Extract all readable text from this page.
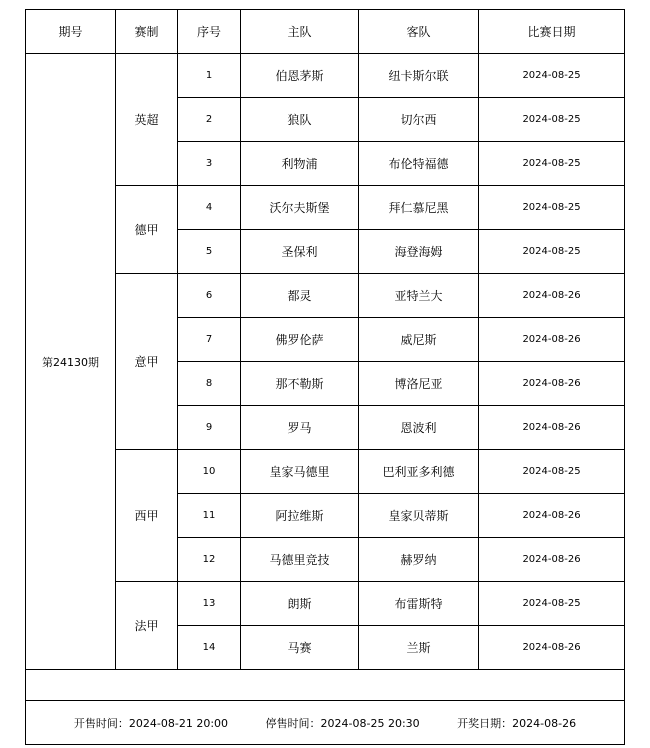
期号	赛制	序号	主队	客队	比赛日期
第24130期	英超	1	伯恩茅斯	纽卡斯尔联	2024-08-25
		2	狼队	切尔西	2024-08-25
		3	利物浦	布伦特福德	2024-08-25
	德甲	4	沃尔夫斯堡	拜仁慕尼黑	2024-08-25
		5	圣保利	海登海姆	2024-08-25
	意甲	6	都灵	亚特兰大	2024-08-26
		7	佛罗伦萨	威尼斯	2024-08-26
		8	那不勒斯	博洛尼亚	2024-08-26
		9	罗马	恩波利	2024-08-26
	西甲	10	皇家马德里	巴利亚多利德	2024-08-25
		11	阿拉维斯	皇家贝蒂斯	2024-08-26
		12	马德里竞技	赫罗纳	2024-08-26
	法甲	13	朗斯	布雷斯特	2024-08-25
		14	马赛	兰斯	2024-08-26

开售时间：2024-08-21 20:00 停售时间：2024-08-25 20:30 开奖日期：2024-08-26					
